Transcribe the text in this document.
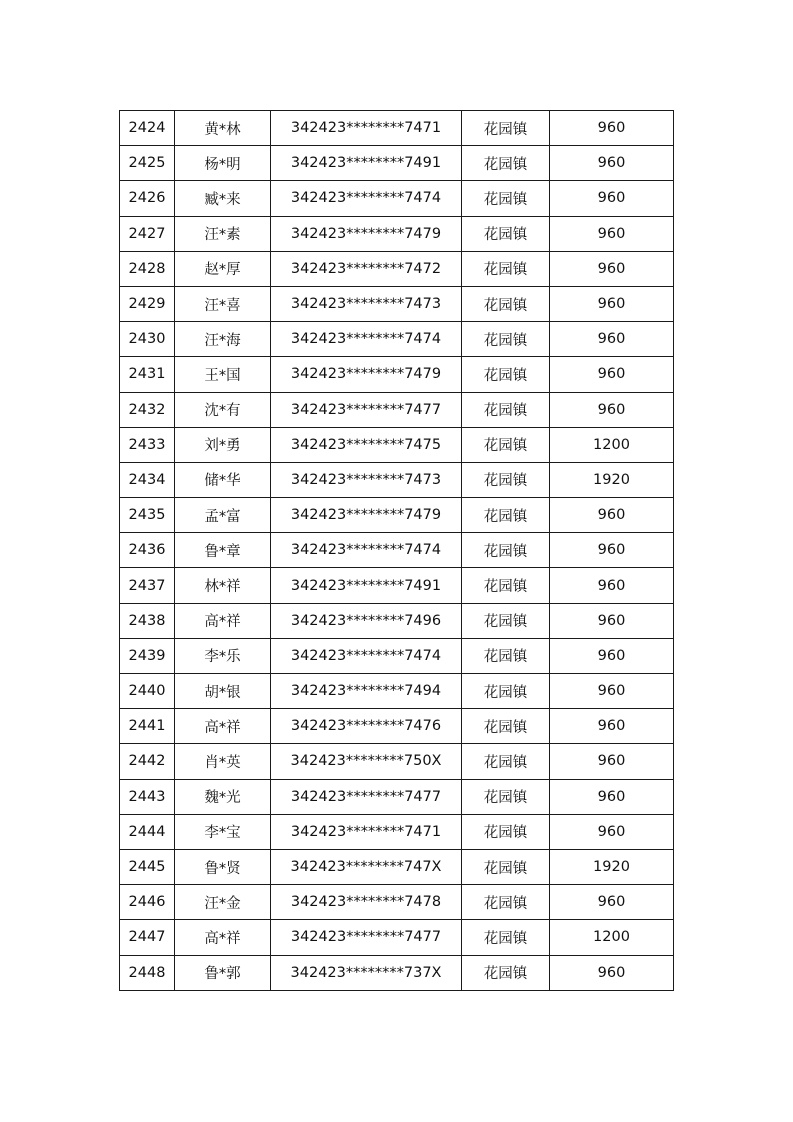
2424	黄*林	342423********7471	花园镇	960
2425	杨*明	342423********7491	花园镇	960
2426	臧*来	342423********7474	花园镇	960
2427	汪*素	342423********7479	花园镇	960
2428	赵*厚	342423********7472	花园镇	960
2429	汪*喜	342423********7473	花园镇	960
2430	汪*海	342423********7474	花园镇	960
2431	王*国	342423********7479	花园镇	960
2432	沈*有	342423********7477	花园镇	960
2433	刘*勇	342423********7475	花园镇	1200
2434	储*华	342423********7473	花园镇	1920
2435	孟*富	342423********7479	花园镇	960
2436	鲁*章	342423********7474	花园镇	960
2437	林*祥	342423********7491	花园镇	960
2438	高*祥	342423********7496	花园镇	960
2439	李*乐	342423********7474	花园镇	960
2440	胡*银	342423********7494	花园镇	960
2441	高*祥	342423********7476	花园镇	960
2442	肖*英	342423********750X	花园镇	960
2443	魏*光	342423********7477	花园镇	960
2444	李*宝	342423********7471	花园镇	960
2445	鲁*贤	342423********747X	花园镇	1920
2446	汪*金	342423********7478	花园镇	960
2447	高*祥	342423********7477	花园镇	1200
2448	鲁*郭	342423********737X	花园镇	960
